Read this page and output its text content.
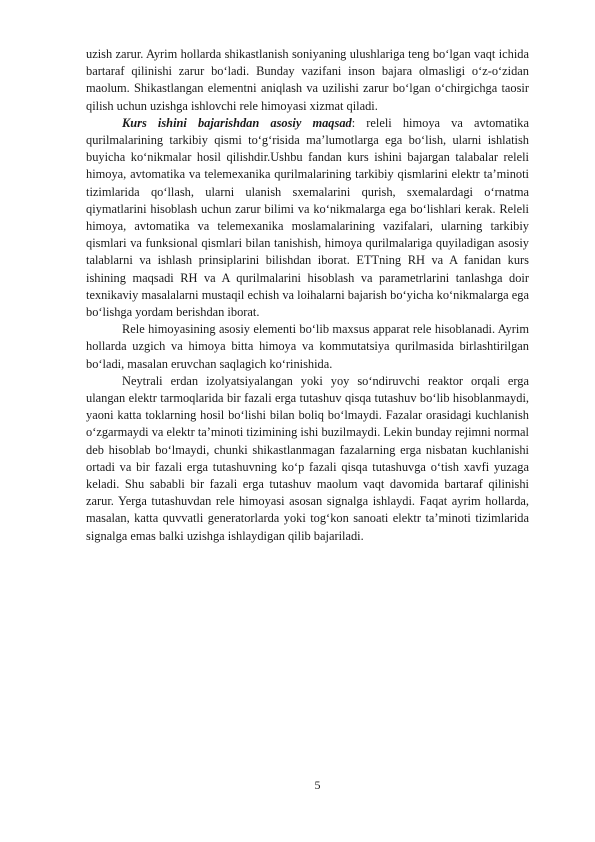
uzish zarur. Ayrim hollarda shikastlanish soniyaning ulushlariga teng bo‘lgan vaqt ichida bartaraf qilinishi zarur bo‘ladi. Bunday vazifani inson bajara olmasligi o‘z-o‘zidan maolum. Shikastlangan elementni aniqlash va uzilishi zarur bo‘lgan o‘chirgichga taosir qilish uchun uzishga ishlovchi rele himoyasi xizmat qiladi.

Kurs ishini bajarishdan asosiy maqsad: releli himoya va avtomatika qurilmalarining tarkibiy qismi to‘g‘risida ma’lumotlarga ega bo‘lish, ularni ishlatish buyicha ko‘nikmalar hosil qilishdir.Ushbu fandan kurs ishini bajargan talabalar releli himoya, avtomatika va telemexanika qurilmalarining tarkibiy qismlarini elektr ta’minoti tizimlarida qo‘llash, ularni ulanish sxemalarini qurish, sxemalardagi o‘rnatma qiymatlarini hisoblash uchun zarur bilimi va ko‘nikmalarga ega bo‘lishlari kerak. Releli himoya, avtomatika va telemexanika moslamalarining vazifalari, ularning tarkibiy qismlari va funksional qismlari bilan tanishish, himoya qurilmalariga quyiladigan asosiy talablarni va ishlash prinsiplarini bilishdan iborat. ETTning RH va A fanidan kurs ishining maqsadi RH va A qurilmalarini hisoblash va parametrlarini tanlashga doir texnikaviy masalalarni mustaqil echish va loihalarni bajarish bo‘yicha ko‘nikmalarga ega bo‘lishga yordam berishdan iborat.

Rele himoyasining asosiy elementi bo‘lib maxsus apparat rele hisoblanadi. Ayrim hollarda uzgich va himoya bitta himoya va kommutatsiya qurilmasida birlashtirilgan bo‘ladi, masalan eruvchan saqlagich ko‘rinishida.

Neytrali erdan izolyatsiyalangan yoki yoy so‘ndiruvchi reaktor orqali erga ulangan elektr tarmoqlarida bir fazali erga tutashuv qisqa tutashuv bo‘lib hisoblanmaydi, yaoni katta toklarning hosil bo‘lishi bilan boliq bo‘lmaydi. Fazalar orasidagi kuchlanish o‘zgarmaydi va elektr ta’minoti tizimining ishi buzilmaydi. Lekin bunday rejimni normal deb hisoblab bo‘lmaydi, chunki shikastlanmagan fazalarning erga nisbatan kuchlanishi ortadi va bir fazali erga tutashuvning ko‘p fazali qisqa tutashuvga o‘tish xavfi yuzaga keladi. Shu sababli bir fazali erga tutashuv maolum vaqt davomida bartaraf qilinishi zarur. Yerga tutashuvdan rele himoyasi asosan signalga ishlaydi. Faqat ayrim hollarda, masalan, katta quvvatli generatorlarda yoki tog‘kon sanoati elektr ta’minoti tizimlarida signalga emas balki uzishga ishlaydigan qilib bajariladi.

5
